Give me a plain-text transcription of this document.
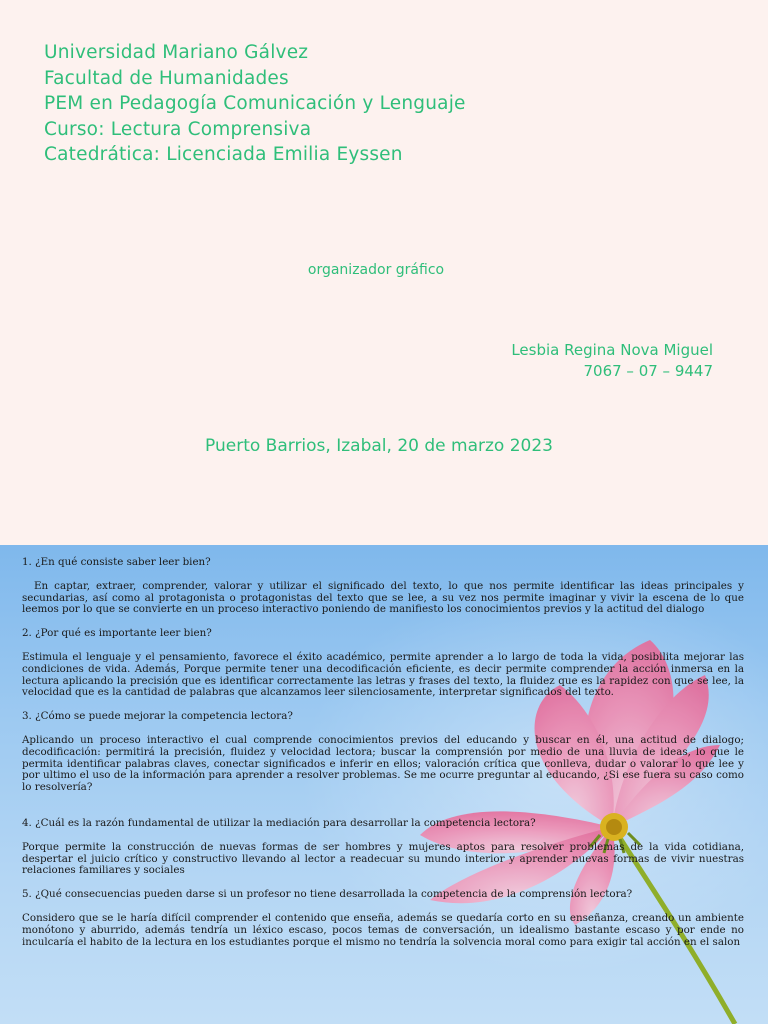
Universidad Mariano Gálvez
Facultad de Humanidades
PEM en Pedagogía Comunicación y Lenguaje
Curso: Lectura Comprensiva
Catedrática: Licenciada Emilia Eyssen
organizador gráfico
Lesbia Regina Nova Miguel
7067 – 07 – 9447
Puerto Barrios, Izabal, 20 de marzo 2023
1. ¿En qué consiste saber leer bien?
En captar, extraer, comprender, valorar y utilizar el significado del texto, lo que nos permite identificar las ideas principales y secundarias, así como al protagonista o protagonistas del texto que se lee, a su vez nos permite imaginar y vivir la escena de lo que leemos por lo que se convierte en un proceso interactivo poniendo de manifiesto los conocimientos previos y la actitud del dialogo
2. ¿Por qué es importante leer bien?
Estimula el lenguaje y el pensamiento, favorece el éxito académico, permite aprender a lo largo de toda la vida, posibilita mejorar las condiciones de vida. Además, Porque permite tener una decodificación eficiente, es decir permite comprender la acción inmersa en la lectura aplicando la precisión que es identificar correctamente las letras y frases del texto, la fluidez que es la rapidez con que se lee, la velocidad que es la cantidad de palabras que alcanzamos leer silenciosamente, interpretar significados del texto.
3. ¿Cómo se puede mejorar la competencia lectora?
Aplicando un proceso interactivo el cual comprende conocimientos previos del educando y buscar en él, una actitud de dialogo; decodificación: permitirá la precisión, fluidez y velocidad lectora; buscar la comprensión por medio de una lluvia de ideas, lo que le permita identificar palabras claves, conectar significados e inferir en ellos; valoración crítica que conlleva, dudar o valorar lo que lee y por ultimo el uso de la información para aprender a resolver problemas. Se me ocurre preguntar al educando, ¿Si ese fuera su caso como lo resolvería?
4. ¿Cuál es la razón fundamental de utilizar la mediación para desarrollar la competencia lectora?
Porque permite la construcción de nuevas formas de ser hombres y mujeres aptos para resolver problemas de la vida cotidiana, despertar el juicio crítico y constructivo llevando al lector a readecuar su mundo interior y aprender nuevas formas de vivir nuestras relaciones familiares y sociales
5. ¿Qué consecuencias pueden darse si un profesor no tiene desarrollada la competencia de la comprensión lectora?
Considero que se le haría difícil comprender el contenido que enseña, además se quedaría corto en su enseñanza, creando un ambiente monótono y aburrido, además tendría un léxico escaso, pocos temas de conversación, un idealismo bastante escaso y por ende no inculcaría el habito de la lectura en los estudiantes porque el mismo no tendría la solvencia moral como para exigir tal acción en el salon
